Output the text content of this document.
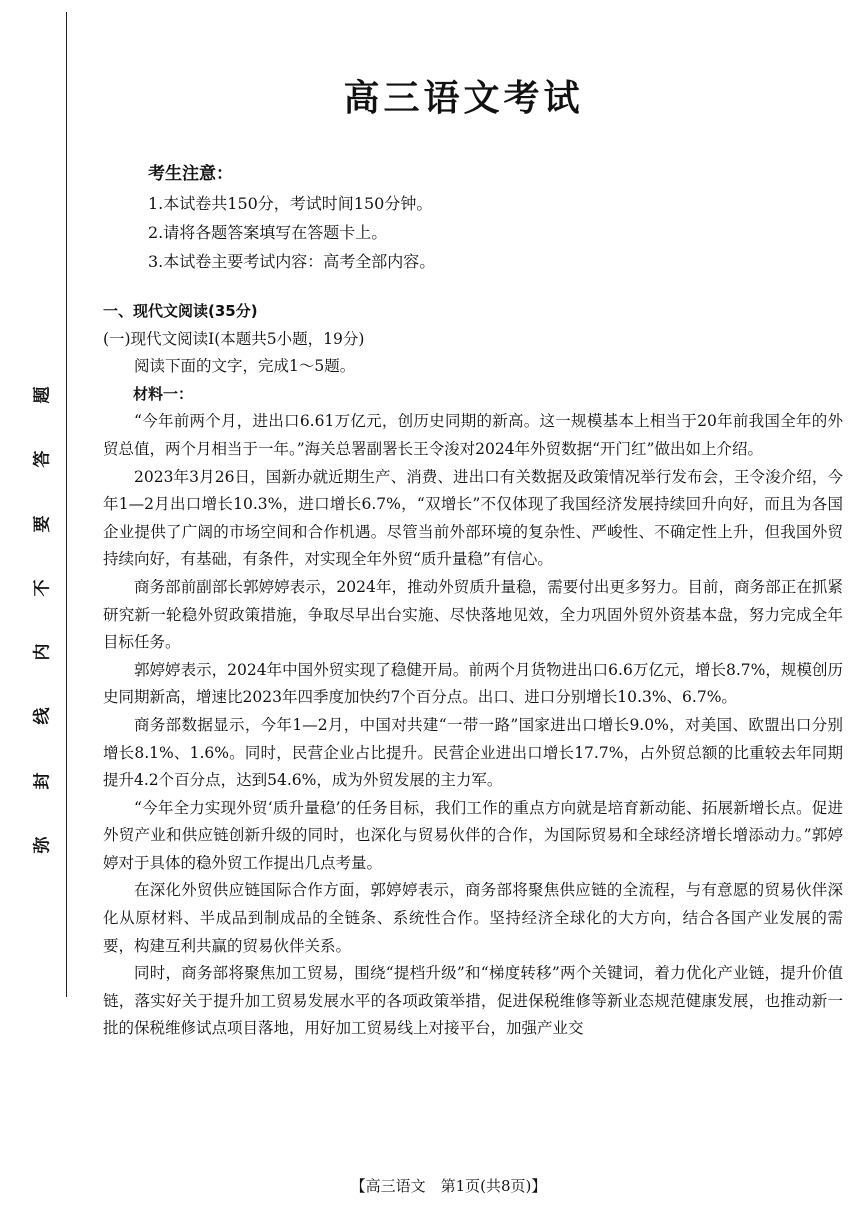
弥
封
线
内
不
要
答
题
高三语文考试
考生注意：
1.本试卷共150分，考试时间150分钟。
2.请将各题答案填写在答题卡上。
3.本试卷主要考试内容：高考全部内容。

一、现代文阅读(35分)

(一)现代文阅读Ⅰ(本题共5小题，19分)

阅读下面的文字，完成1～5题。

材料一：

“今年前两个月，进出口6.61万亿元，创历史同期的新高。这一规模基本上相当于20年前我国全年的外贸总值，两个月相当于一年。”海关总署副署长王令浚对2024年外贸数据“开门红”做出如上介绍。

2023年3月26日，国新办就近期生产、消费、进出口有关数据及政策情况举行发布会，王令浚介绍，今年1—2月出口增长10.3%，进口增长6.7%，“双增长”不仅体现了我国经济发展持续回升向好，而且为各国企业提供了广阔的市场空间和合作机遇。尽管当前外部环境的复杂性、严峻性、不确定性上升，但我国外贸持续向好，有基础，有条件，对实现全年外贸“质升量稳”有信心。

商务部前副部长郭婷婷表示，2024年，推动外贸质升量稳，需要付出更多努力。目前，商务部正在抓紧研究新一轮稳外贸政策措施，争取尽早出台实施、尽快落地见效，全力巩固外贸外资基本盘，努力完成全年目标任务。

郭婷婷表示，2024年中国外贸实现了稳健开局。前两个月货物进出口6.6万亿元，增长8.7%，规模创历史同期新高，增速比2023年四季度加快约7个百分点。出口、进口分别增长10.3%、6.7%。

商务部数据显示，今年1—2月，中国对共建“一带一路”国家进出口增长9.0%，对美国、欧盟出口分别增长8.1%、1.6%。同时，民营企业占比提升。民营企业进出口增长17.7%，占外贸总额的比重较去年同期提升4.2个百分点，达到54.6%，成为外贸发展的主力军。

“今年全力实现外贸‘质升量稳’的任务目标，我们工作的重点方向就是培育新动能、拓展新增长点。促进外贸产业和供应链创新升级的同时，也深化与贸易伙伴的合作，为国际贸易和全球经济增长增添动力。”郭婷婷对于具体的稳外贸工作提出几点考量。

在深化外贸供应链国际合作方面，郭婷婷表示，商务部将聚焦供应链的全流程，与有意愿的贸易伙伴深化从原材料、半成品到制成品的全链条、系统性合作。坚持经济全球化的大方向，结合各国产业发展的需要，构建互利共赢的贸易伙伴关系。

同时，商务部将聚焦加工贸易，围绕“提档升级”和“梯度转移”两个关键词，着力优化产业链，提升价值链，落实好关于提升加工贸易发展水平的各项政策举措，促进保税维修等新业态规范健康发展，也推动新一批的保税维修试点项目落地，用好加工贸易线上对接平台，加强产业交

【高三语文　第1页(共8页)】
